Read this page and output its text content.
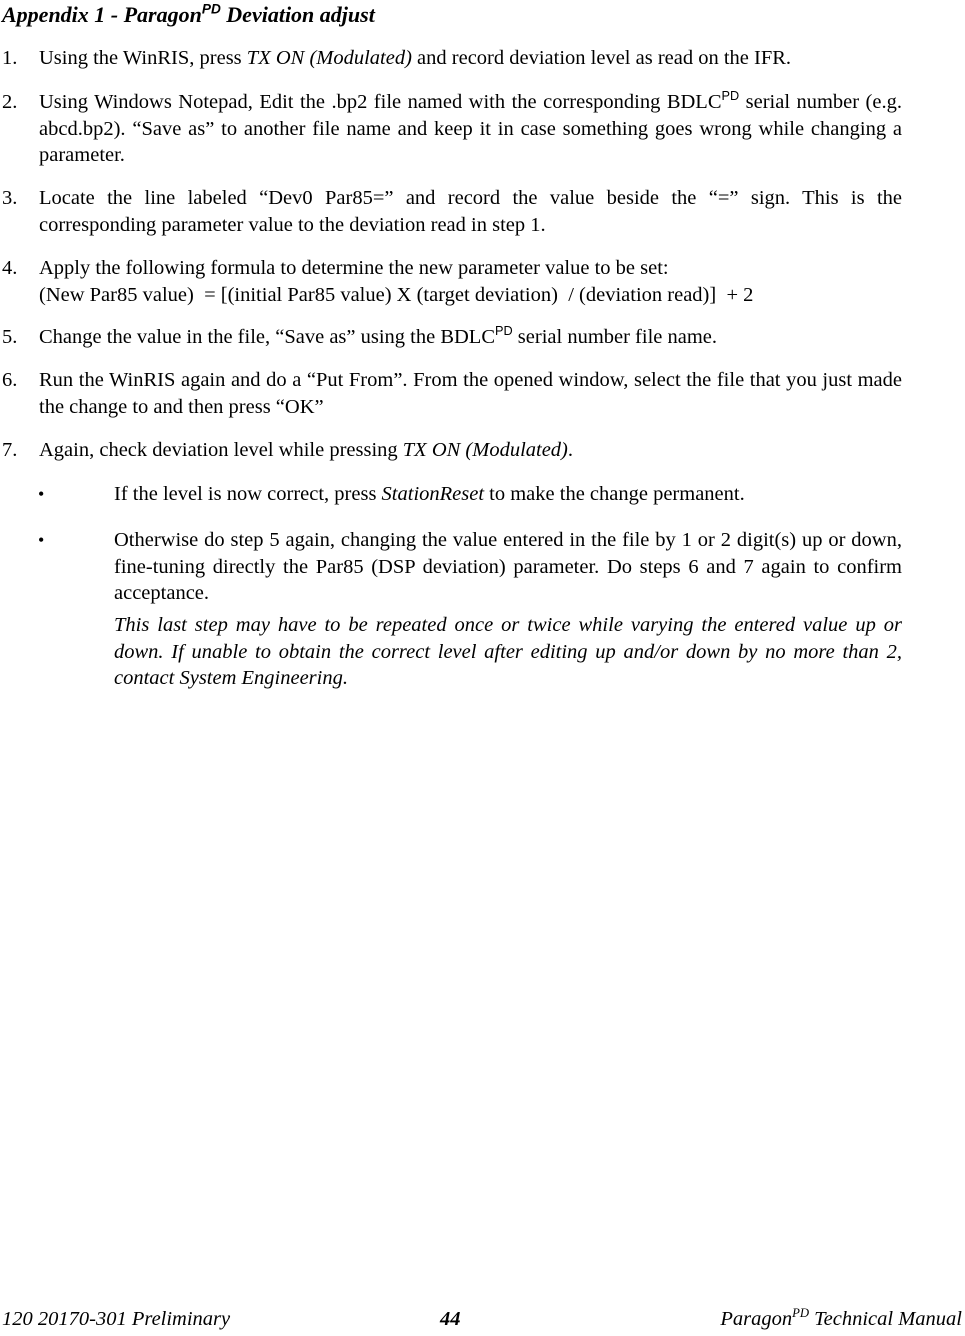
Appendix 1 - Paragon$^{PD}$ Deviation adjust
1. Using the WinRIS, press TX ON (Modulated) and record deviation level as read on the IFR.
2. Using Windows Notepad, Edit the .bp2 file named with the corresponding $BDLC^{PD}$ serial number (e.g. abcd.bp2). “Save as” to another file name and keep it in case something goes wrong while changing a parameter.
3. Locate the line labeled “Dev0 Par85=” and record the value beside the “=” sign. This is the corresponding parameter value to the deviation read in step 1.
4. Apply the following formula to determine the new parameter value to be set:
(New Par85 value)  = [(initial Par85 value) X (target deviation)  / (deviation read)]  + 2
5. Change the value in the file, “Save as” using the $BDLC^{PD}$ serial number file name.
6. Run the WinRIS again and do a “Put From”. From the opened window, select the file that you just made the change to and then press “OK”
7. Again, check deviation level while pressing TX ON (Modulated).
•	If the level is now correct, press StationReset to make the change permanent.
•	Otherwise do step 5 again, changing the value entered in the file by 1 or 2 digit(s) up or down, fine-tuning directly the Par85 (DSP deviation) parameter. Do steps 6 and 7 again to confirm acceptance.
This last step may have to be repeated once or twice while varying the entered value up or down. If unable to obtain the correct level after editing up and/or down by no more than 2, contact System Engineering.
120 20170-301 Preliminary	44	Paragon$^{PD}$ Technical Manual
